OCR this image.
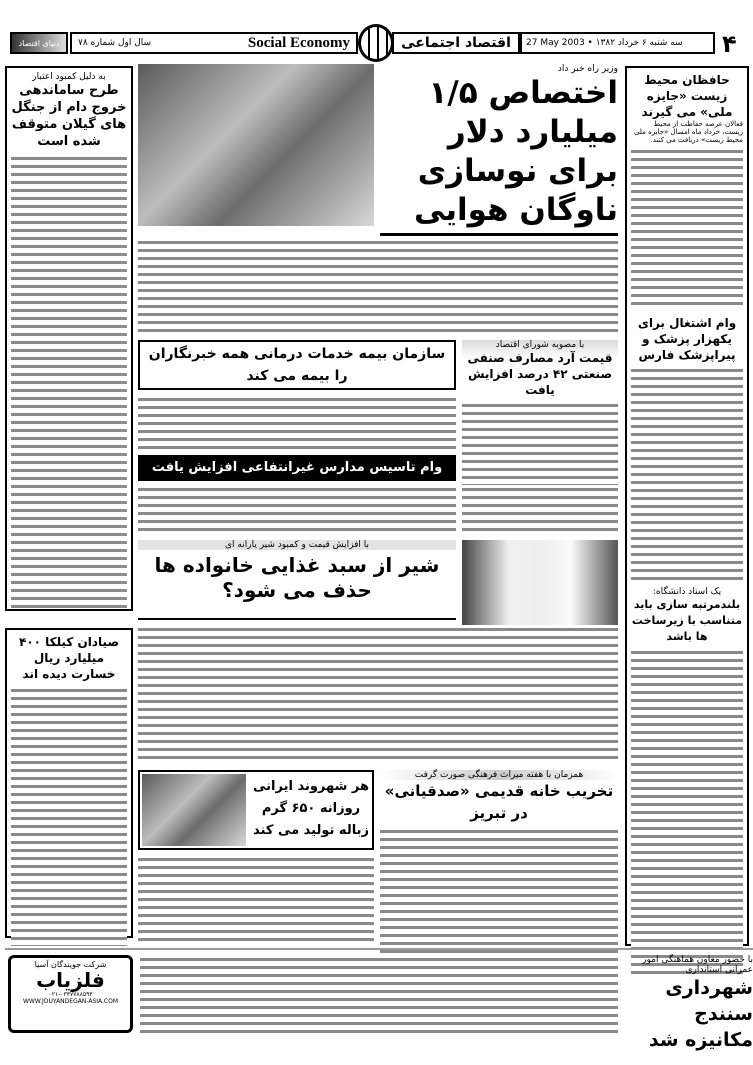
۴
27 May 2003 • سه شنبه ۶ خرداد ۱۳۸۲
اقتصاد اجتماعی
سال اول شماره ۷۸	Social Economy
دنیای اقتصاد
به دلیل کمبود اعتبار
طرح ساماندهی خروج دام از جنگل های گیلان متوقف شده است
صیادان کیلکا ۴۰۰ میلیارد ریال خسارت دیده اند
حافظان محیط زیست «جایزه ملی» می گیرند
فعالان عرصه حفاظت از محیط زیست، خرداد ماه امسال «جایزه ملی محیط زیست» دریافت می کنند.
وام اشتغال برای یکهزار پزشک و پیراپزشک فارس
یک استاد دانشگاه:
بلندمرتبه سازی باید متناسب با زیرساخت ها باشد
وزیر راه خبر داد
اختصاص ۱/۵ میلیارد دلار برای نوسازی ناوگان هوایی
سازمان بیمه خدمات درمانی همه خبرنگاران را بیمه می کند
با مصوبه شورای اقتصاد
قیمت آرد مصارف صنفی صنعتی ۴۲ درصد افزایش یافت
وام تاسیس مدارس غیرانتفاعی افزایش یافت
با افزایش قیمت و کمبود شیر یارانه ای
شیر از سبد غذایی خانواده ها حذف می شود؟
هر شهروند ایرانی روزانه ۶۵۰ گرم زباله تولید می کند
همزمان با هفته میراث فرهنگی صورت گرفت
تخریب خانه قدیمی «صدقیانی» در تبریز
با حضور معاون هماهنگی امور عمرانی استانداری
شهرداری سنندج مکانیزه شد
شرکت جویندگان آسیا
فلزیاب
۰۲۱-۰۳۳۷۷۸۸۵۹۳
WWW.JOUYANDEGAN-ASIA.COM
